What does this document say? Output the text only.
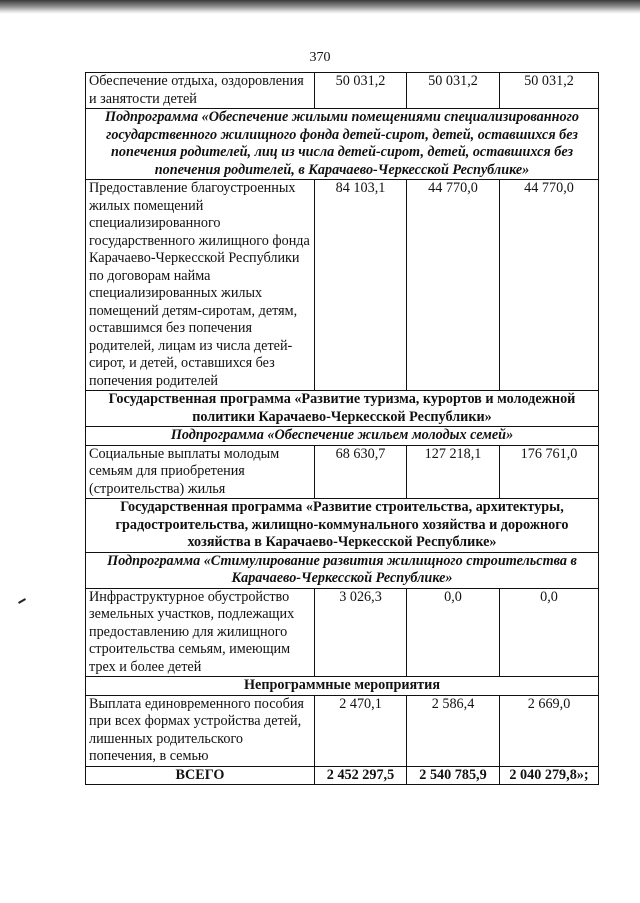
370
Обеспечение отдыха, оздоровления и занятости детей	50 031,2	50 031,2	50 031,2
Подпрограмма «Обеспечение жилыми помещениями специализированного государственного жилищного фонда детей-сирот, детей, оставшихся без попечения родителей, лиц из числа детей-сирот, детей, оставшихся без попечения родителей, в Карачаево-Черкесской Республике»			
Предоставление благоустроенных жилых помещений специализированного государственного жилищного фонда Карачаево-Черкесской Республики по договорам найма специализированных жилых помещений детям-сиротам, детям, оставшимся без попечения родителей, лицам из числа детей-сирот, и детей, оставшихся без попечения родителей	84 103,1	44 770,0	44 770,0
Государственная программа «Развитие туризма, курортов и молодежной политики Карачаево-Черкесской Республики»			
Подпрограмма «Обеспечение жильем молодых семей»			
Социальные выплаты молодым семьям для приобретения (строительства) жилья	68 630,7	127 218,1	176 761,0
Государственная программа «Развитие строительства, архитектуры, градостроительства, жилищно-коммунального хозяйства и дорожного хозяйства в Карачаево-Черкесской Республике»			
Подпрограмма «Стимулирование развития жилищного строительства в Карачаево-Черкесской Республике»			
Инфраструктурное обустройство земельных участков, подлежащих предоставлению для жилищного строительства семьям, имеющим трех и более детей	3 026,3	0,0	0,0
Непрограммные мероприятия			
Выплата единовременного пособия при всех формах устройства детей, лишенных родительского попечения, в семью	2 470,1	2 586,4	2 669,0
ВСЕГО	2 452 297,5	2 540 785,9	2 040 279,8»;
